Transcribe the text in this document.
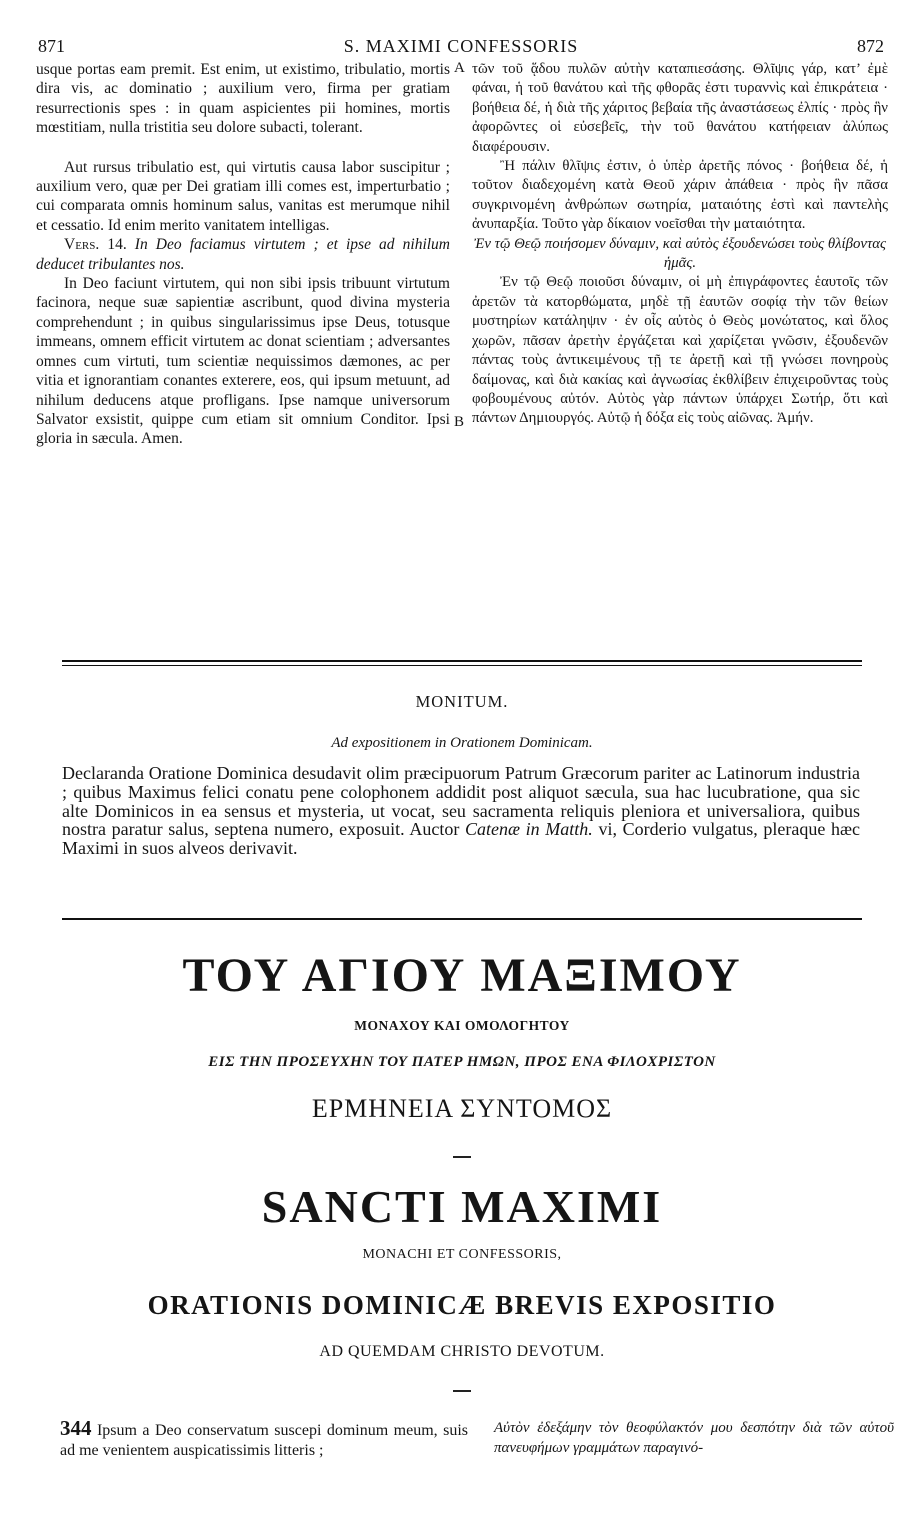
871	S. MAXIMI CONFESSORIS	872

usque portas eam premit. Est enim, ut existimo, tribulatio, mortis dira vis, ac dominatio ; auxilium vero, firma per gratiam resurrectionis spes : in quam aspicientes pii homines, mortis mœstitiam, nulla tristitia seu dolore subacti, tolerant.

Aut rursus tribulatio est, qui virtutis causa labor suscipitur ; auxilium vero, quæ per Dei gratiam illi comes est, imperturbatio ; cui comparata omnis hominum salus, vanitas est merumque nihil et cessatio. Id enim merito vanitatem intelligas.

Vers. 14. In Deo faciamus virtutem ; et ipse ad nihilum deducet tribulantes nos.

In Deo faciunt virtutem, qui non sibi ipsis tribuunt virtutum facinora, neque suæ sapientiæ ascribunt, quod divina mysteria comprehendunt ; in quibus singularissimus ipse Deus, totusque immeans, omnem efficit virtutem ac donat scientiam ; adversantes omnes cum virtuti, tum scientiæ nequissimos dæmones, ac per vitia et ignorantiam conantes exterere, eos, qui ipsum metuunt, ad nihilum deducens atque profligans. Ipse namque universorum Salvator exsistit, quippe cum etiam sit omnium Conditor. Ipsi gloria in sæcula. Amen.

A
B

τῶν τοῦ ᾅδου πυλῶν αὐτὴν καταπιεσάσης. Θλῖψις γάρ, κατ’ ἐμὲ φάναι, ἡ τοῦ θανάτου καὶ τῆς φθορᾶς ἐστι τυραννὶς καὶ ἐπικράτεια · βοήθεια δέ, ἡ διὰ τῆς χάριτος βεβαία τῆς ἀναστάσεως ἐλπίς · πρὸς ἣν ἀφορῶντες οἱ εὐσεβεῖς, τὴν τοῦ θανάτου κατήφειαν ἀλύπως διαφέρουσιν.

Ἢ πάλιν θλῖψις ἐστιν, ὁ ὑπὲρ ἀρετῆς πόνος · βοήθεια δέ, ἡ τοῦτον διαδεχομένη κατὰ Θεοῦ χάριν ἀπάθεια · πρὸς ἣν πᾶσα συγκρινομένη ἀνθρώπων σωτηρία, ματαιότης ἐστὶ καὶ παντελὴς ἀνυπαρξία. Τοῦτο γὰρ δίκαιον νοεῖσθαι τὴν ματαιότητα.

Ἐν τῷ Θεῷ ποιήσομεν δύναμιν, καὶ αὐτὸς ἐξουδενώσει τοὺς θλίβοντας ἡμᾶς.

Ἐν τῷ Θεῷ ποιοῦσι δύναμιν, οἱ μὴ ἐπιγράφοντες ἑαυτοῖς τῶν ἀρετῶν τὰ κατορθώματα, μηδὲ τῇ ἑαυτῶν σοφίᾳ τὴν τῶν θείων μυστηρίων κατάληψιν · ἐν οἷς αὐτὸς ὁ Θεὸς μονώτατος, καὶ ὅλος χωρῶν, πᾶσαν ἀρετὴν ἐργάζεται καὶ χαρίζεται γνῶσιν, ἐξουδενῶν πάντας τοὺς ἀντικειμένους τῇ τε ἀρετῇ καὶ τῇ γνώσει πονηροὺς δαίμονας, καὶ διὰ κακίας καὶ ἀγνωσίας ἐκθλίβειν ἐπιχειροῦντας τοὺς φοβουμένους αὐτόν. Αὐτὸς γὰρ πάντων ὑπάρχει Σωτήρ, ὅτι καὶ πάντων Δημιουργός. Αὐτῷ ἡ δόξα εἰς τοὺς αἰῶνας. Ἀμήν.

MONITUM.
Ad expositionem in Orationem Dominicam.

Declaranda Oratione Dominica desudavit olim præcipuorum Patrum Græcorum pariter ac Latinorum industria ; quibus Maximus felici conatu pene colophonem addidit post aliquot sæcula, sua hac lucubratione, qua sic alte Dominicos in ea sensus et mysteria, ut vocat, seu sacramenta reliquis pleniora et universaliora, quibus nostra paratur salus, septena numero, exposuit. Auctor Catenæ in Matth. vi, Corderio vulgatus, pleraque hæc Maximi in suos alveos derivavit.

ΤΟΥ ΑΓΙΟΥ ΜΑΞΙΜΟΥ
ΜΟΝΑΧΟΥ ΚΑΙ ΟΜΟΛΟΓΗΤΟΥ
ΕΙΣ ΤΗΝ ΠΡΟΣΕΥΧΗΝ ΤΟΥ ΠΑΤΕΡ ΗΜΩΝ, ΠΡΟΣ ΕΝΑ ΦΙΛΟΧΡΙΣΤΟΝ
ΕΡΜΗΝΕΙΑ ΣΥΝΤΟΜΟΣ
SANCTI MAXIMI
MONACHI ET CONFESSORIS,
ORATIONIS DOMINICÆ BREVIS EXPOSITIO
AD QUEMDAM CHRISTO DEVOTUM.
344 Ipsum a Deo conservatum suscepi dominum meum, suis ad me venientem auspicatissimis litteris ;
Αὐτὸν ἐδεξάμην τὸν θεοφύλακτόν μου δεσπότην διὰ τῶν αὐτοῦ πανευφήμων γραμμάτων παραγινό-
